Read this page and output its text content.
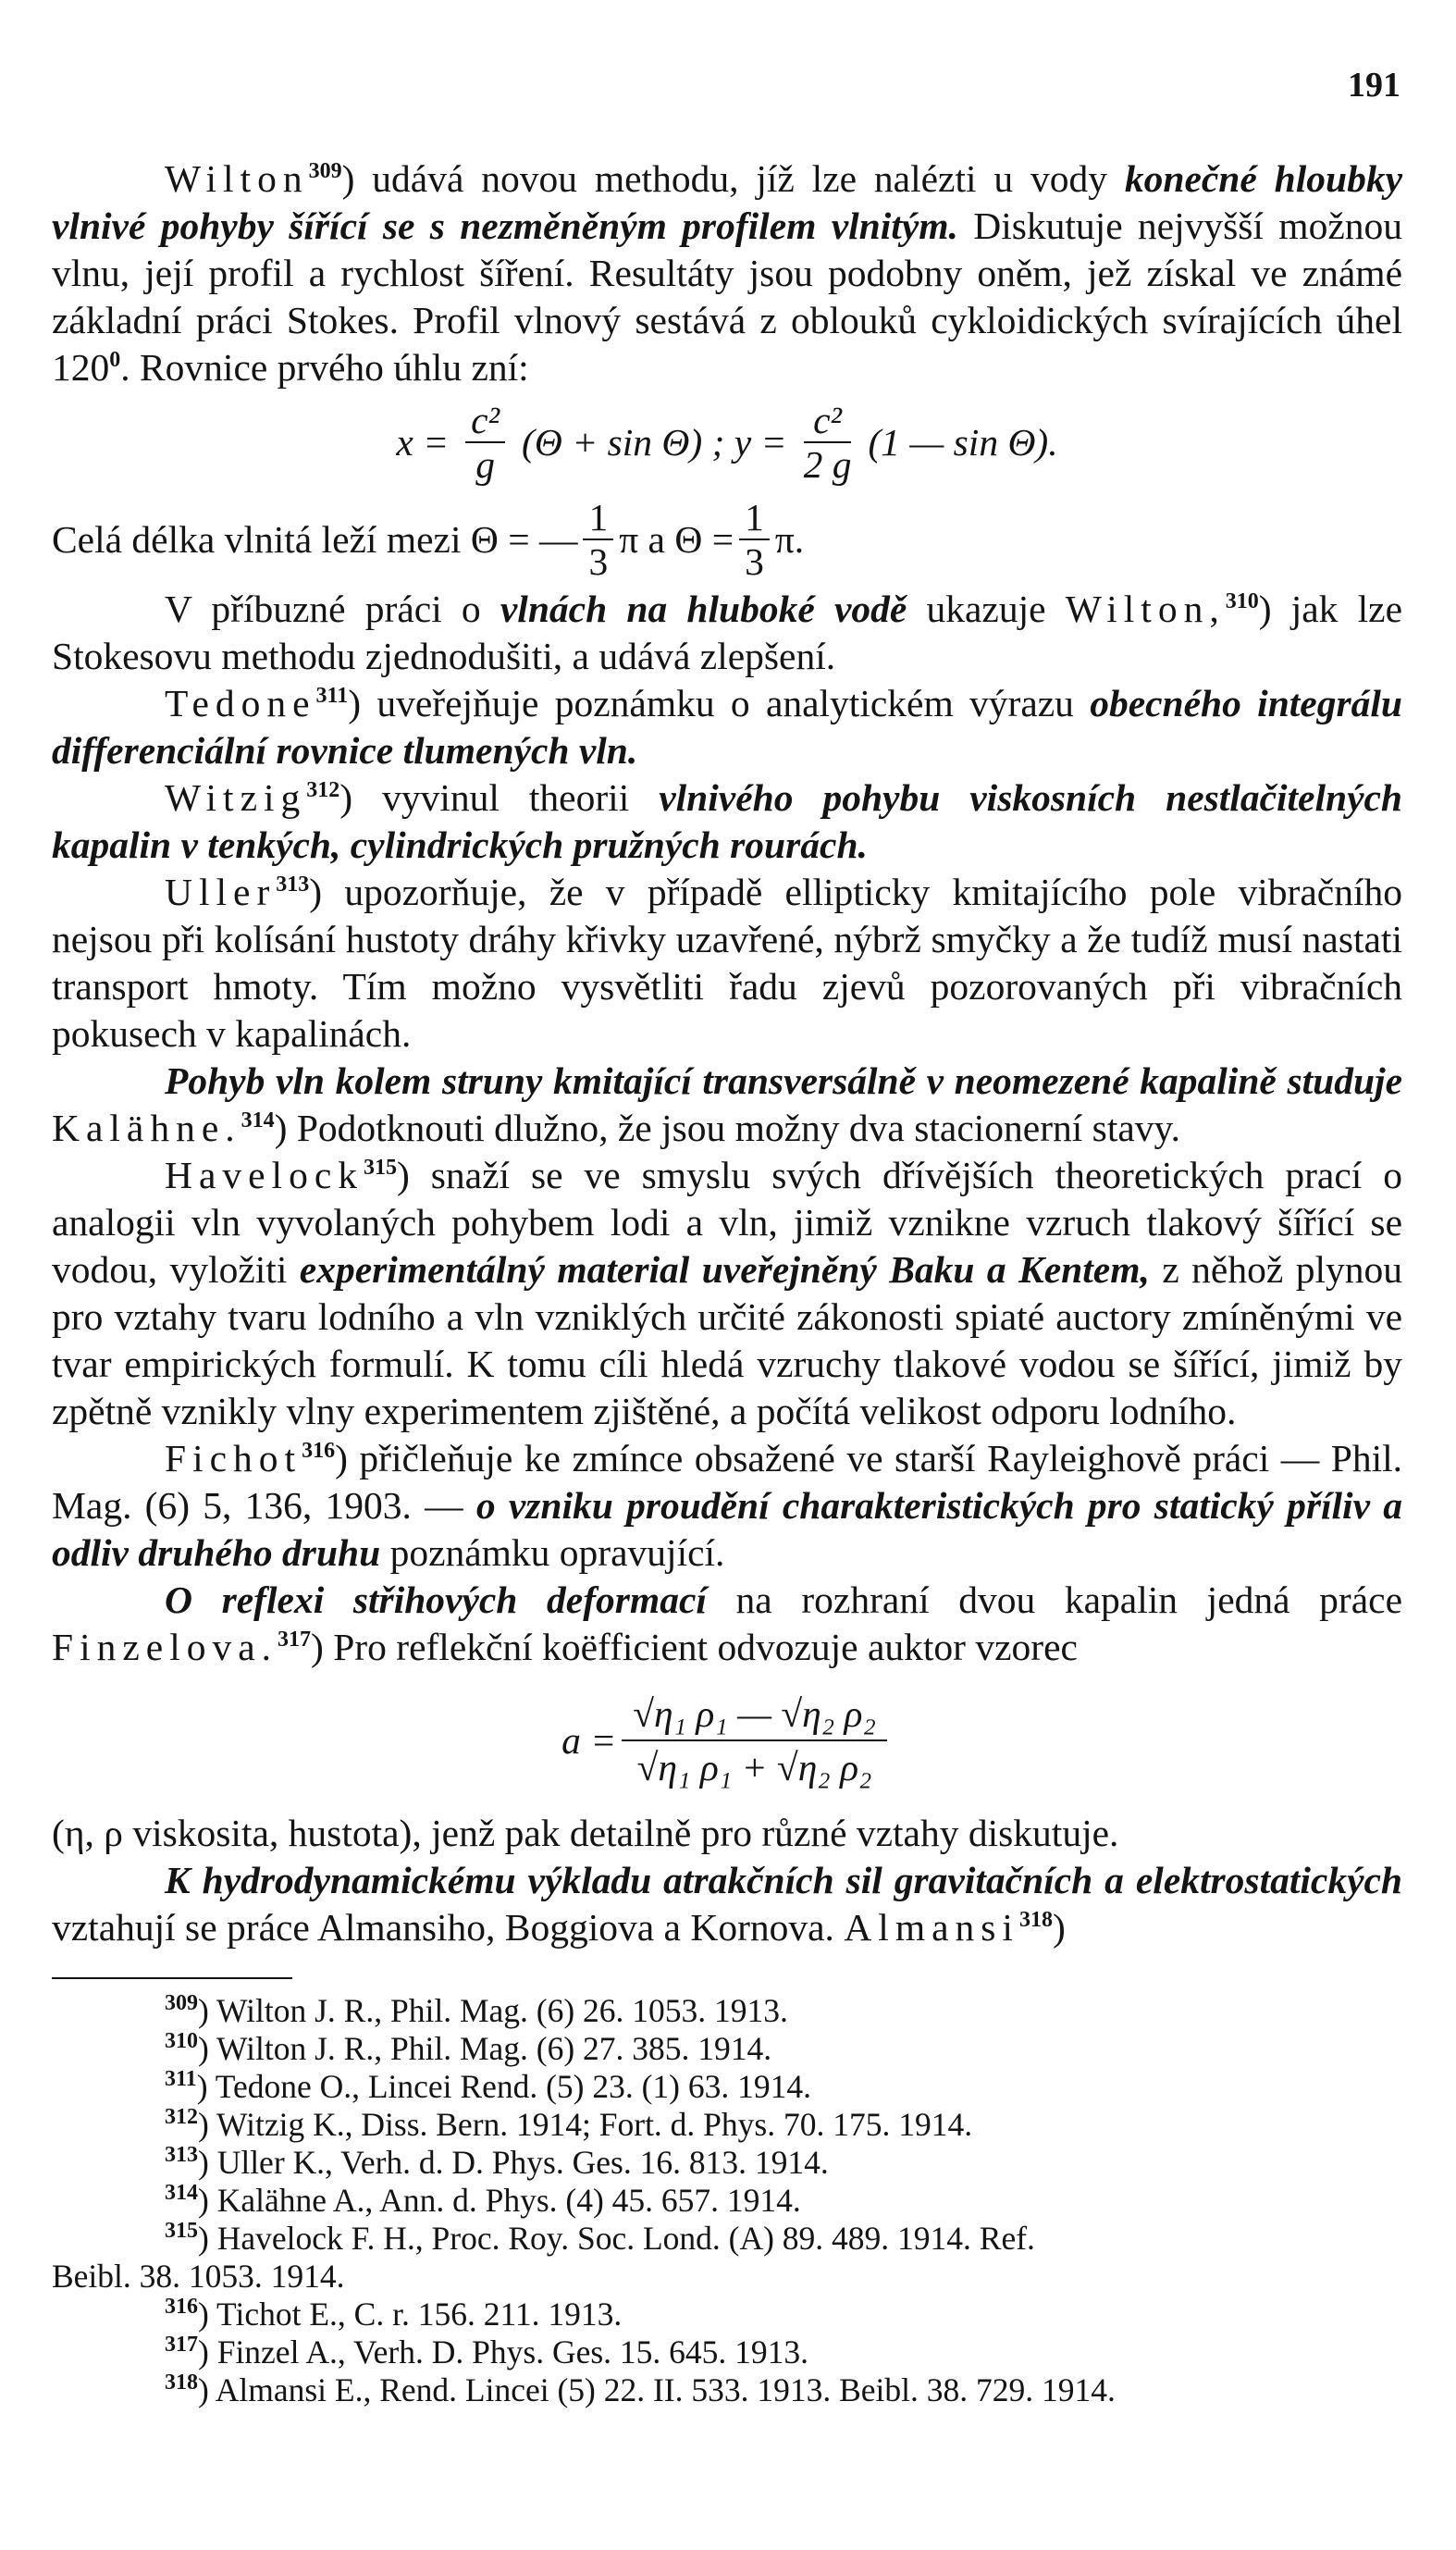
191

Wilton$^{309}$) udává novou methodu, jíž lze nalézti u vody konečné hloubky vlnivé pohyby šířící se s nezměněným profilem vlnitým. Diskutuje nejvyšší možnou vlnu, její profil a rychlost šíření. Resultáty jsou podobny oněm, jež získal ve známé základní práci Stokes. Profil vlnový sestává z oblouků cykloidických svírajících úhel $120^0$. Rovnice prvého úhlu zní:

$x = \frac{\text{c²}}{g} (\Theta + \sin \Theta)$ ; $y = \frac{\text{c²}}{2 g} (1$ — sin Θ).
Celá délka vlnitá leží mezi Θ = — $\frac{1}{3}$ π a $\Theta = \frac{1}{3} \pi$.

V příbuzné práci o vlnách na hluboké vodě ukazuje Wilton,$^{310}$) jak lze Stokesovu methodu zjednodušiti, a udává zlepšení.

Tedone$^{311}$) uveřejňuje poznámku o analytickém výrazu obecného integrálu differenciální rovnice tlumených vln.

Witzig$^{312}$) vyvinul theorii vlnivého pohybu viskosních nestlačitelných kapalin v tenkých, cylindrických pružných rourách.

Uller$^{313}$) upozorňuje, že v případě ellipticky kmitajícího pole vibračního nejsou při kolísání hustoty dráhy křivky uzavřené, nýbrž smyčky a že tudíž musí nastati transport hmoty. Tím možno vysvětliti řadu zjevů pozorovaných při vibračních pokusech v kapalinách.

Pohyb vln kolem struny kmitající transversálně v neomezené kapalině studuje Kalähne.$^{314}$) Podotknouti dlužno, že jsou možny dva stacionerní stavy.

Havelock$^{315}$) snaží se ve smyslu svých dřívějších theoretických prací o analogii vln vyvolaných pohybem lodi a vln, jimiž vznikne vzruch tlakový šířící se vodou, vyložiti experimentálný material uveřejněný Baku a Kentem, z něhož plynou pro vztahy tvaru lodního a vln vzniklých určité zákonosti spiaté auctory zmíněnými ve tvar empirických formulí. K tomu cíli hledá vzruchy tlakové vodou se šířící, jimiž by zpětně vznikly vlny experimentem zjištěné, a počítá velikost odporu lodního.

Fichot$^{316}$) přičleňuje ke zmínce obsažené ve starší Rayleighově práci — Phil. Mag. (6) 5, 136, 1903. — o vzniku proudění charakteristických pro statický příliv a odliv druhého druhu poznámku opravující.

O reflexi střihových deformací na rozhraní dvou kapalin jedná práce Finzelova.$^{317}$) Pro reflekční koëfficient odvozuje auktor vzorec

$a = \frac{\text{√η₁ ρ₁ — √η₂ ρ₂}}{\text{√η₁ ρ₁ + √η₂ ρ₂}}$

(η, ρ viskosita, hustota), jenž pak detailně pro různé vztahy diskutuje.

K hydrodynamickému výkladu atrakčních sil gravitačních a elektrostatických vztahují se práce Almansiho, Boggiova a Kornova. Almansi$^{318}$)

$^{309}$) Wilton J. R., Phil. Mag. (6) 26. 1053. 1913.
$^{310}$) Wilton J. R., Phil. Mag. (6) 27. 385. 1914.
$^{311}$) Tedone O., Lincei Rend. (5) 23. (1) 63. 1914.
$^{312}$) Witzig K., Diss. Bern. 1914; Fort. d. Phys. 70. 175. 1914.
$^{313}$) Uller K., Verh. d. D. Phys. Ges. 16. 813. 1914.
$^{314}$) Kalähne A., Ann. d. Phys. (4) 45. 657. 1914.
$^{315}$) Havelock F. H., Proc. Roy. Soc. Lond. (A) 89. 489. 1914. Ref.
Beibl. 38. 1053. 1914.
$^{316}$) Tichot E., C. r. 156. 211. 1913.
$^{317}$) Finzel A., Verh. D. Phys. Ges. 15. 645. 1913.
$^{318}$) Almansi E., Rend. Lincei (5) 22. II. 533. 1913. Beibl. 38. 729. 1914.
